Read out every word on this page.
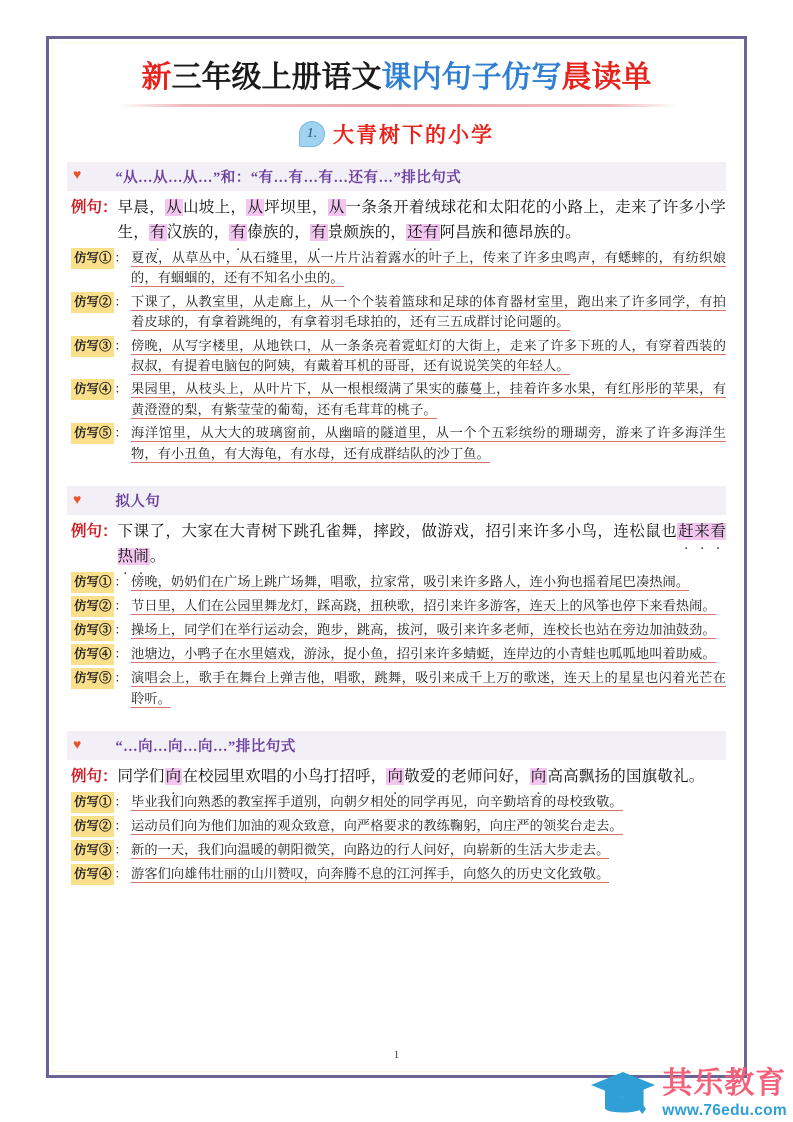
新三年级上册语文课内句子仿写晨读单
1. 大青树下的小学
♥ “从…从…从…”和：“有…有…有…还有…”排比句式
例句： 早晨，从山坡上，从坪坝里，从一条条开着绒球花和太阳花的小路上，走来了许多小学生，有汉族的，有傣族的，有景颇族的，还有阿昌族和德昂族的。
仿写① ： 夏夜，从草丛中，从石缝里，从一片片沾着露水的叶子上，传来了许多虫鸣声，有蟋蟀的，有纺织娘的，有蝈蝈的，还有不知名小虫的。
仿写② ： 下课了，从教室里，从走廊上，从一个个装着篮球和足球的体育器材室里，跑出来了许多同学，有拍着皮球的，有拿着跳绳的，有拿着羽毛球拍的，还有三五成群讨论问题的。
仿写③ ： 傍晚，从写字楼里，从地铁口，从一条条亮着霓虹灯的大街上，走来了许多下班的人，有穿着西装的叔叔，有提着电脑包的阿姨，有戴着耳机的哥哥，还有说说笑笑的年轻人。
仿写④ ： 果园里，从枝头上，从叶片下，从一根根缀满了果实的藤蔓上，挂着许多水果，有红彤彤的苹果，有黄澄澄的梨，有紫莹莹的葡萄，还有毛茸茸的桃子。
仿写⑤ ： 海洋馆里，从大大的玻璃窗前，从幽暗的隧道里，从一个个五彩缤纷的珊瑚旁，游来了许多海洋生物，有小丑鱼，有大海龟，有水母，还有成群结队的沙丁鱼。
♥ 拟人句
例句： 下课了，大家在大青树下跳孔雀舞，摔跤，做游戏，招引来许多小鸟，连松鼠也赶来看热闹。
仿写① ： 傍晚，奶奶们在广场上跳广场舞，唱歌，拉家常，吸引来许多路人，连小狗也摇着尾巴凑热闹。
仿写② ： 节日里，人们在公园里舞龙灯，踩高跷，扭秧歌，招引来许多游客，连天上的风筝也停下来看热闹。
仿写③ ： 操场上，同学们在举行运动会，跑步，跳高，拔河，吸引来许多老师，连校长也站在旁边加油鼓劲。
仿写④ ： 池塘边，小鸭子在水里嬉戏，游泳，捉小鱼，招引来许多蜻蜓，连岸边的小青蛙也呱呱地叫着助威。
仿写⑤ ： 演唱会上，歌手在舞台上弹吉他，唱歌，跳舞，吸引来成千上万的歌迷，连天上的星星也闪着光芒在聆听。
♥ “…向…向…向…”排比句式
例句： 同学们向在校园里欢唱的小鸟打招呼，向敬爱的老师问好，向高高飘扬的国旗敬礼。
仿写① ： 毕业我们向熟悉的教室挥手道别，向朝夕相处的同学再见，向辛勤培育的母校致敬。
仿写② ： 运动员们向为他们加油的观众致意，向严格要求的教练鞠躬，向庄严的领奖台走去。
仿写③ ： 新的一天，我们向温暖的朝阳微笑，向路边的行人问好，向崭新的生活大步走去。
仿写④ ： 游客们向雄伟壮丽的山川赞叹，向奔腾不息的江河挥手，向悠久的历史文化致敬。
1
其乐教育
www.76edu.com
